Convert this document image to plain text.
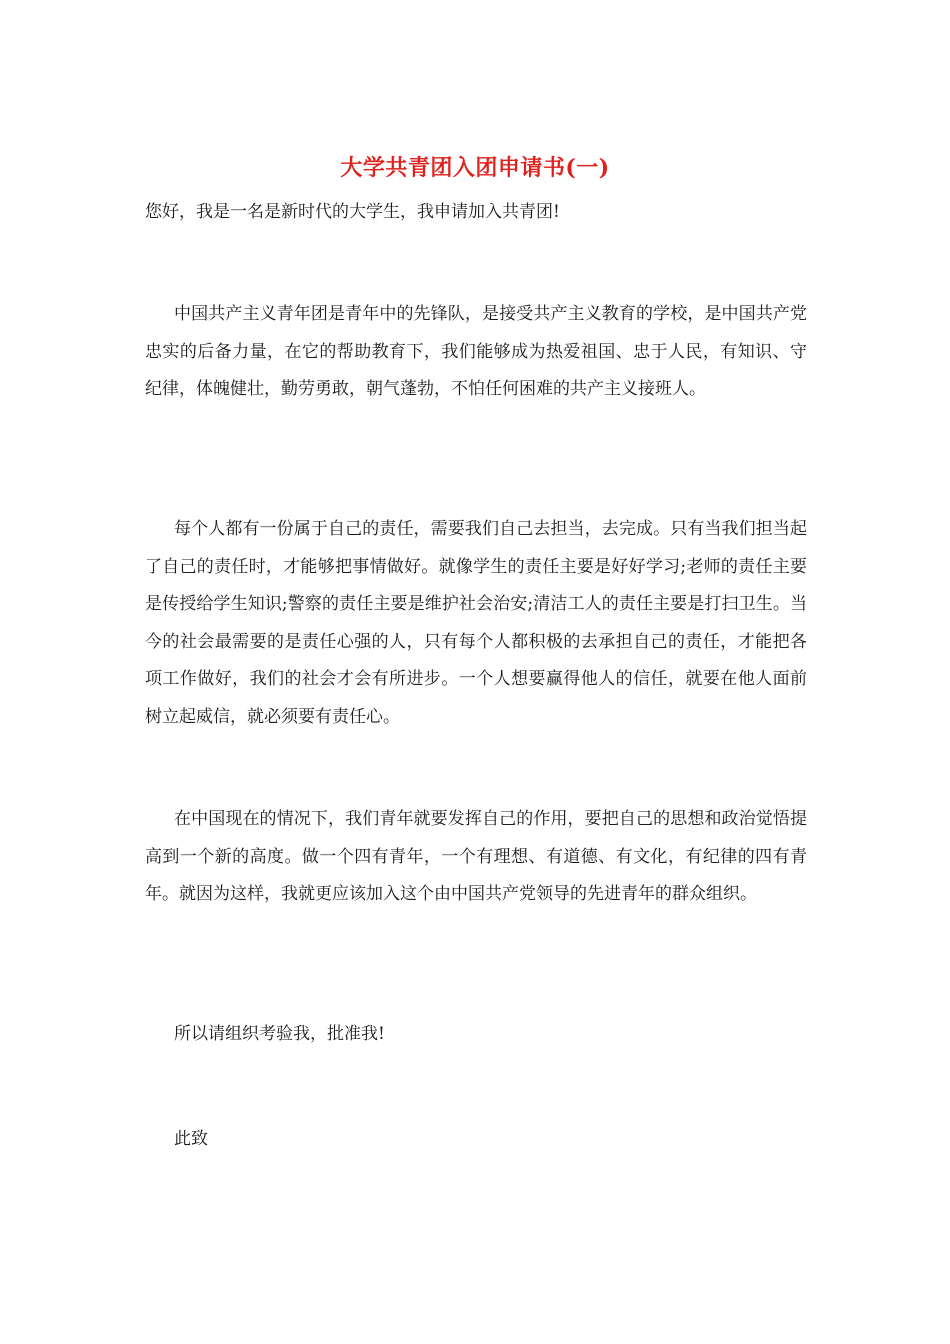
大学共青团入团申请书(一)
您好，我是一名是新时代的大学生，我申请加入共青团!
中国共产主义青年团是青年中的先锋队，是接受共产主义教育的学校，是中国共产党忠实的后备力量，在它的帮助教育下，我们能够成为热爱祖国、忠于人民，有知识、守纪律，体魄健壮，勤劳勇敢，朝气蓬勃，不怕任何困难的共产主义接班人。
每个人都有一份属于自己的责任，需要我们自己去担当，去完成。只有当我们担当起了自己的责任时，才能够把事情做好。就像学生的责任主要是好好学习;老师的责任主要是传授给学生知识;警察的责任主要是维护社会治安;清洁工人的责任主要是打扫卫生。当今的社会最需要的是责任心强的人，只有每个人都积极的去承担自己的责任，才能把各项工作做好，我们的社会才会有所进步。一个人想要赢得他人的信任，就要在他人面前树立起威信，就必须要有责任心。
在中国现在的情况下，我们青年就要发挥自己的作用，要把自己的思想和政治觉悟提高到一个新的高度。做一个四有青年，一个有理想、有道德、有文化，有纪律的四有青年。就因为这样，我就更应该加入这个由中国共产党领导的先进青年的群众组织。
所以请组织考验我，批准我!
此致
